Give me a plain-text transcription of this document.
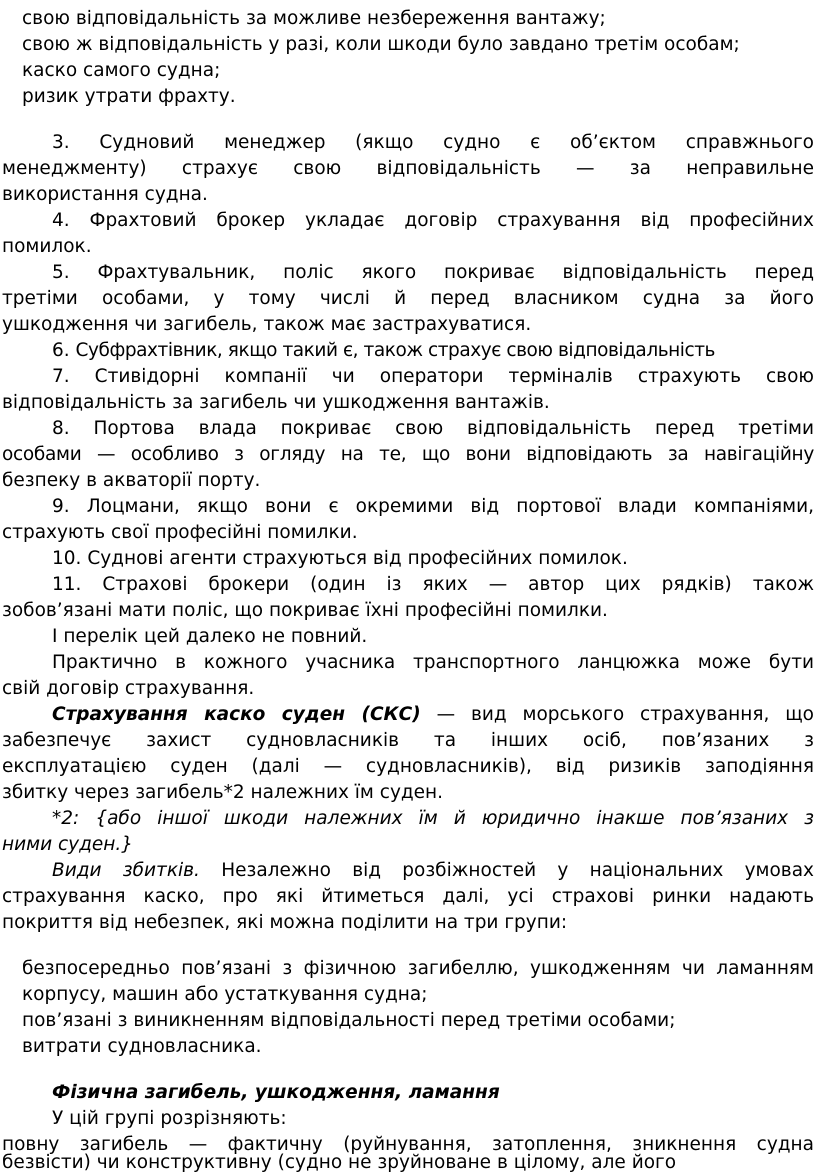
свою відповідальність за можливе незбереження вантажу;
свою ж відповідальність у разі, коли шкоди було завдано третім особам;
каско самого судна;
ризик утрати фрахту.
3. Судновий менеджер (якщо судно є об’єктом справжнього
менеджменту) страхує свою відповідальність — за неправильне
використання судна.
4. Фрахтовий брокер укладає договір страхування від професійних
помилок.
5. Фрахтувальник, поліс якого покриває відповідальність перед
третіми особами, у тому числі й перед власником судна за його
ушкодження чи загибель, також має застрахуватися.
6. Субфрахтівник, якщо такий є, також страхує свою відповідальність
7. Стивідорні компанії чи оператори терміналів страхують свою
відповідальність за загибель чи ушкодження вантажів.
8. Портова влада покриває свою відповідальність перед третіми
особами — особливо з огляду на те, що вони відповідають за навігаційну
безпеку в акваторії порту.
9. Лоцмани, якщо вони є окремими від портової влади компаніями,
страхують свої професійні помилки.
10. Суднові агенти страхуються від професійних помилок.
11. Страхові брокери (один із яких — автор цих рядків) також
зобов’язані мати поліс, що покриває їхні професійні помилки.
І перелік цей далеко не повний.
Практично в кожного учасника транспортного ланцюжка може бути
свій договір страхування.
Страхування каско суден (СКС) — вид морського страхування, що
забезпечує захист судновласників та інших осіб, пов’язаних з
експлуатацією суден (далі — судновласників), від ризиків заподіяння
збитку через загибель*2 належних їм суден.
*2: {або іншої шкоди належних їм й юридично інакше пов’язаних з
ними суден.}
Види збитків. Незалежно від розбіжностей у національних умовах
страхування каско, про які йтиметься далі, усі страхові ринки надають
покриття від небезпек, які можна поділити на три групи:
безпосередньо пов’язані з фізичною загибеллю, ушкодженням чи ламанням
корпусу, машин або устаткування судна;
пов’язані з виникненням відповідальності перед третіми особами;
витрати судновласника.
Фізична загибель, ушкодження, ламання
У цій групі розрізняють:
повну загибель — фактичну (руйнування, затоплення, зникнення судна
безвісти) чи конструктивну (судно не зруйноване в цілому, але його
